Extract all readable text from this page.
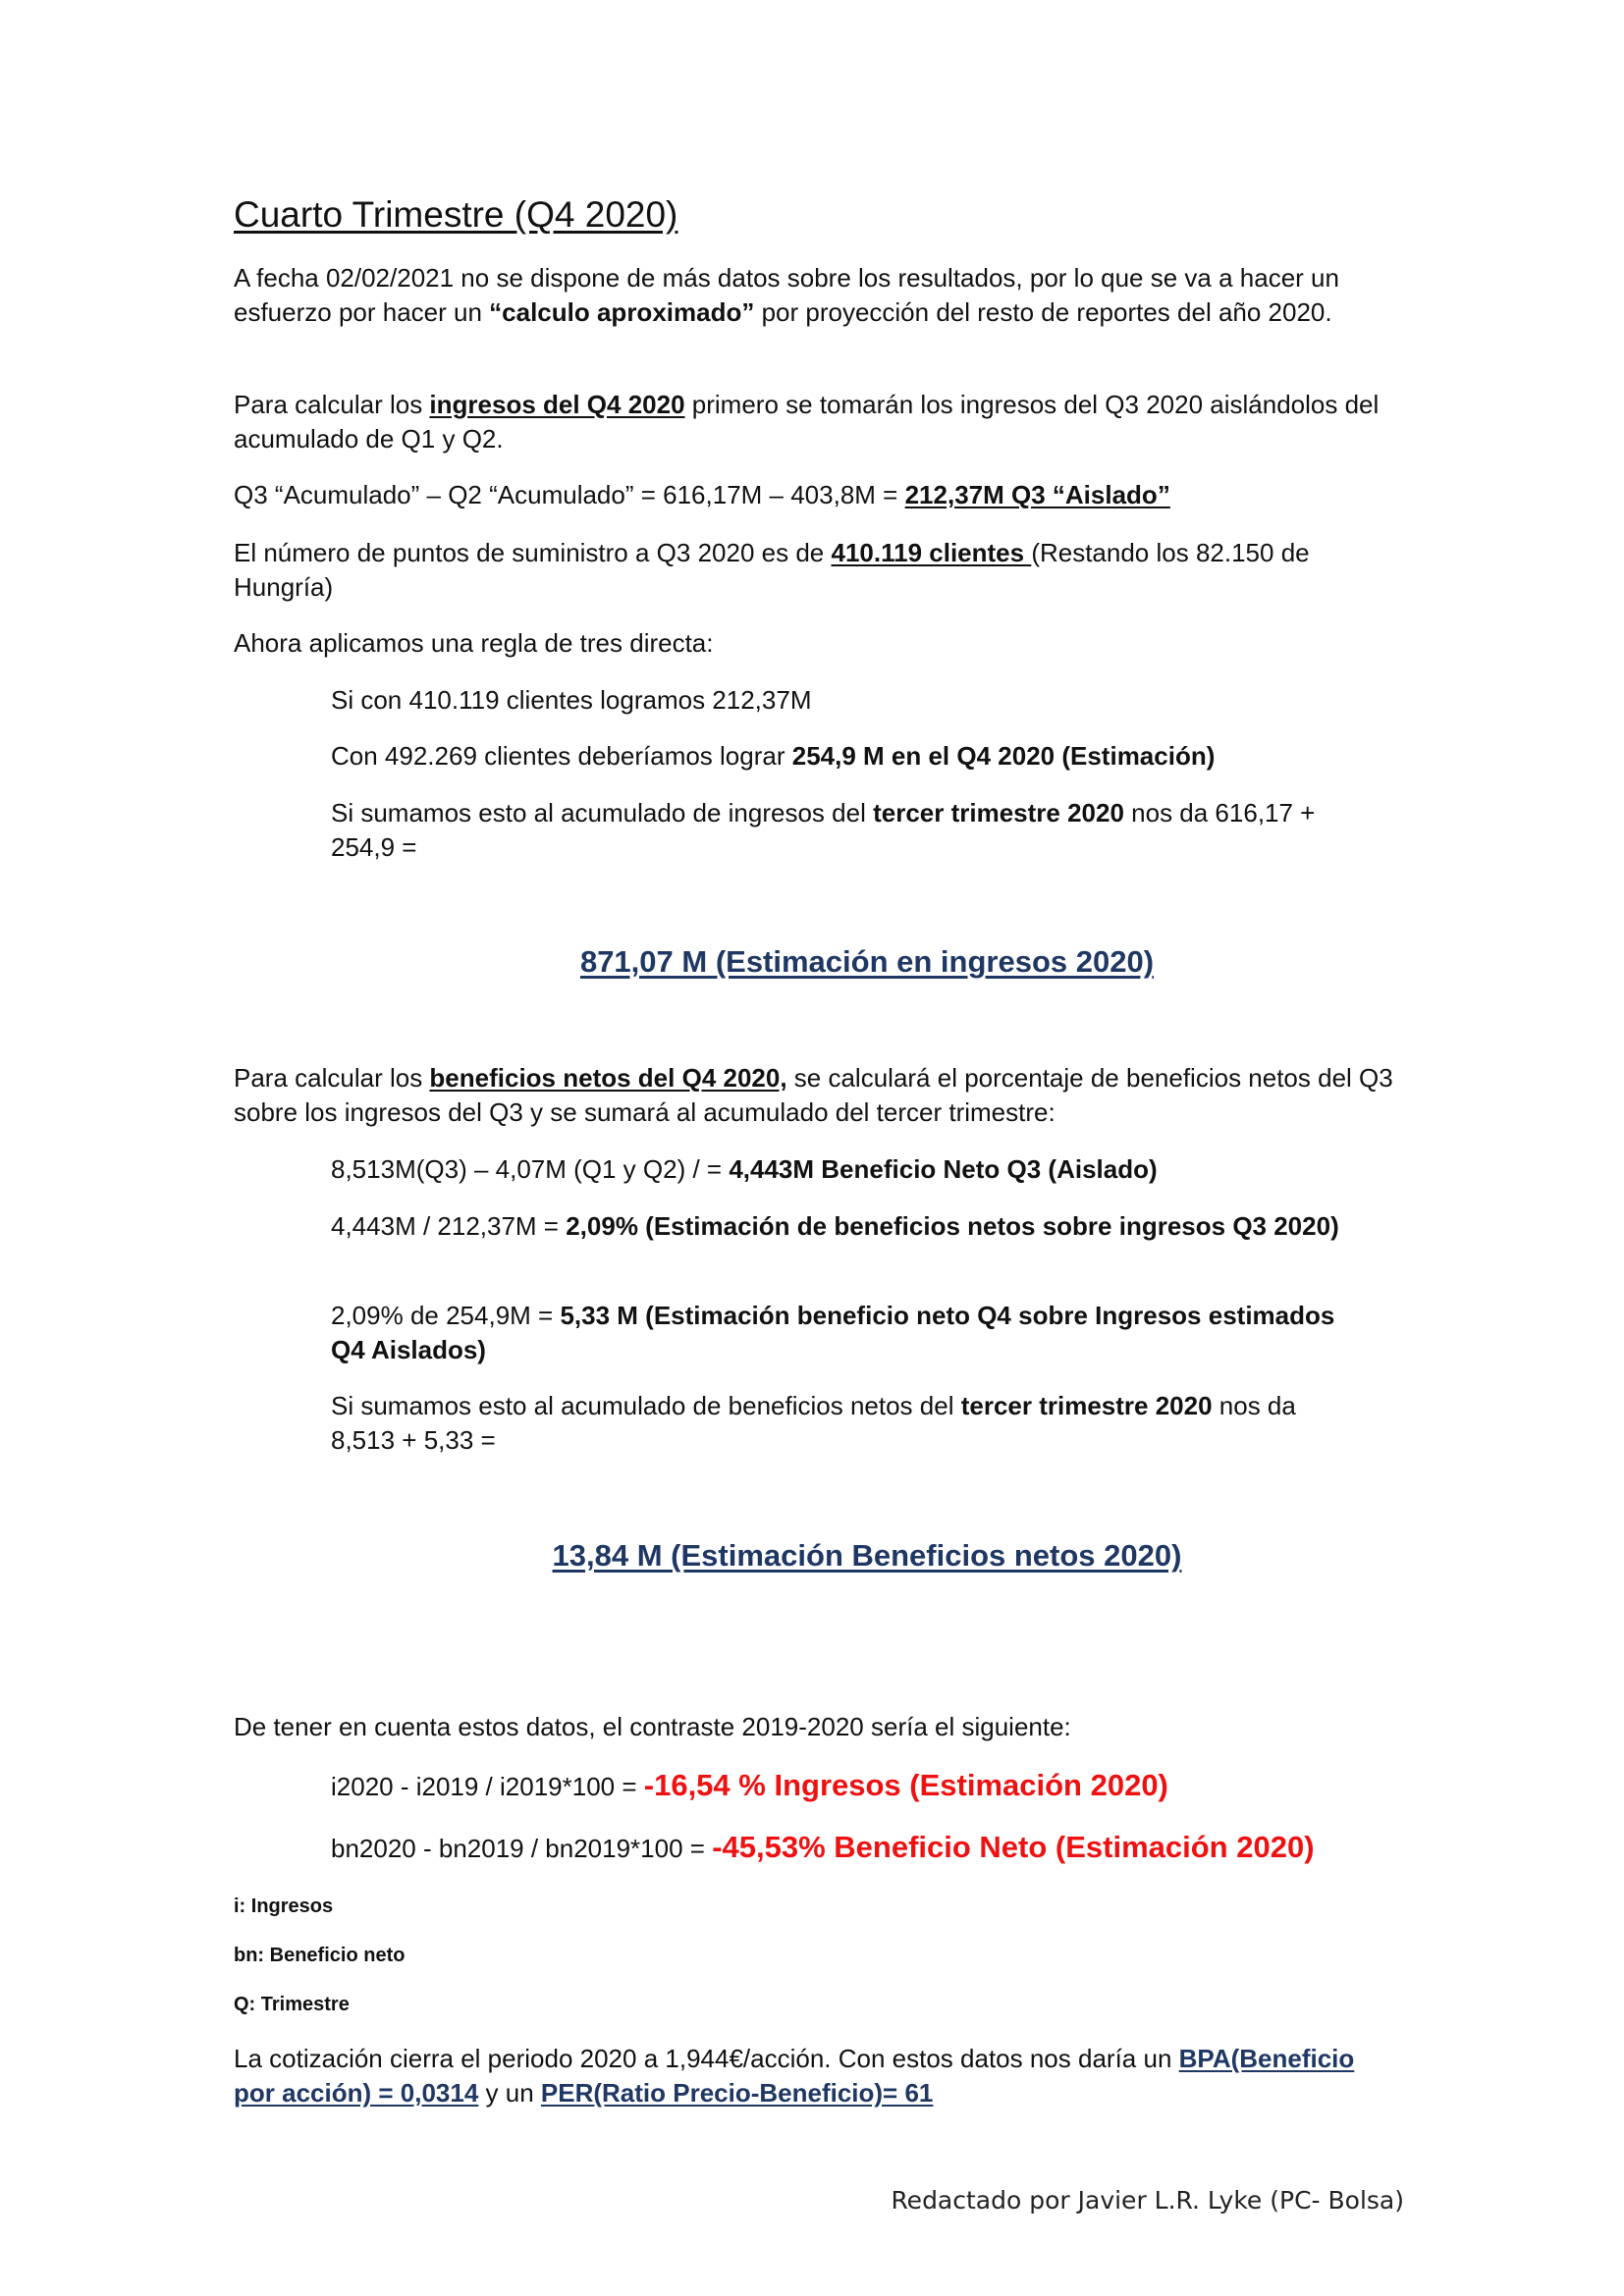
Cuarto Trimestre (Q4 2020)

A fecha 02/02/2021 no se dispone de más datos sobre los resultados, por lo que se va a hacer un esfuerzo por hacer un “calculo aproximado” por proyección del resto de reportes del año 2020.

Para calcular los ingresos del Q4 2020 primero se tomarán los ingresos del Q3 2020 aislándolos del acumulado de Q1 y Q2.

Q3 “Acumulado” – Q2 “Acumulado” = 616,17M – 403,8M = 212,37M Q3 “Aislado”

El número de puntos de suministro a Q3 2020 es de 410.119 clientes (Restando los 82.150 de Hungría)

Ahora aplicamos una regla de tres directa:

Si con 410.119 clientes logramos 212,37M

Con 492.269 clientes deberíamos lograr 254,9 M en el Q4 2020 (Estimación)

Si sumamos esto al acumulado de ingresos del tercer trimestre 2020 nos da 616,17 + 254,9 =

871,07 M (Estimación en ingresos 2020)

Para calcular los beneficios netos del Q4 2020, se calculará el porcentaje de beneficios netos del Q3 sobre los ingresos del Q3 y se sumará al acumulado del tercer trimestre:

8,513M(Q3) – 4,07M (Q1 y Q2) / = 4,443M Beneficio Neto Q3 (Aislado)

4,443M / 212,37M = 2,09% (Estimación de beneficios netos sobre ingresos Q3 2020)

2,09% de 254,9M = 5,33 M (Estimación beneficio neto Q4 sobre Ingresos estimados Q4 Aislados)

Si sumamos esto al acumulado de beneficios netos del tercer trimestre 2020 nos da 8,513 + 5,33 =

13,84 M (Estimación Beneficios netos 2020)

De tener en cuenta estos datos, el contraste 2019-2020 sería el siguiente:

i2020 - i2019 / i2019*100 = -16,54 % Ingresos (Estimación 2020)

bn2020 - bn2019 / bn2019*100 = -45,53% Beneficio Neto (Estimación 2020)

i: Ingresos

bn: Beneficio neto

Q: Trimestre

La cotización cierra el periodo 2020 a 1,944€/acción. Con estos datos nos daría un BPA(Beneficio por acción) = 0,0314 y un PER(Ratio Precio-Beneficio)= 61

Redactado por Javier L.R. Lyke (PC- Bolsa)
